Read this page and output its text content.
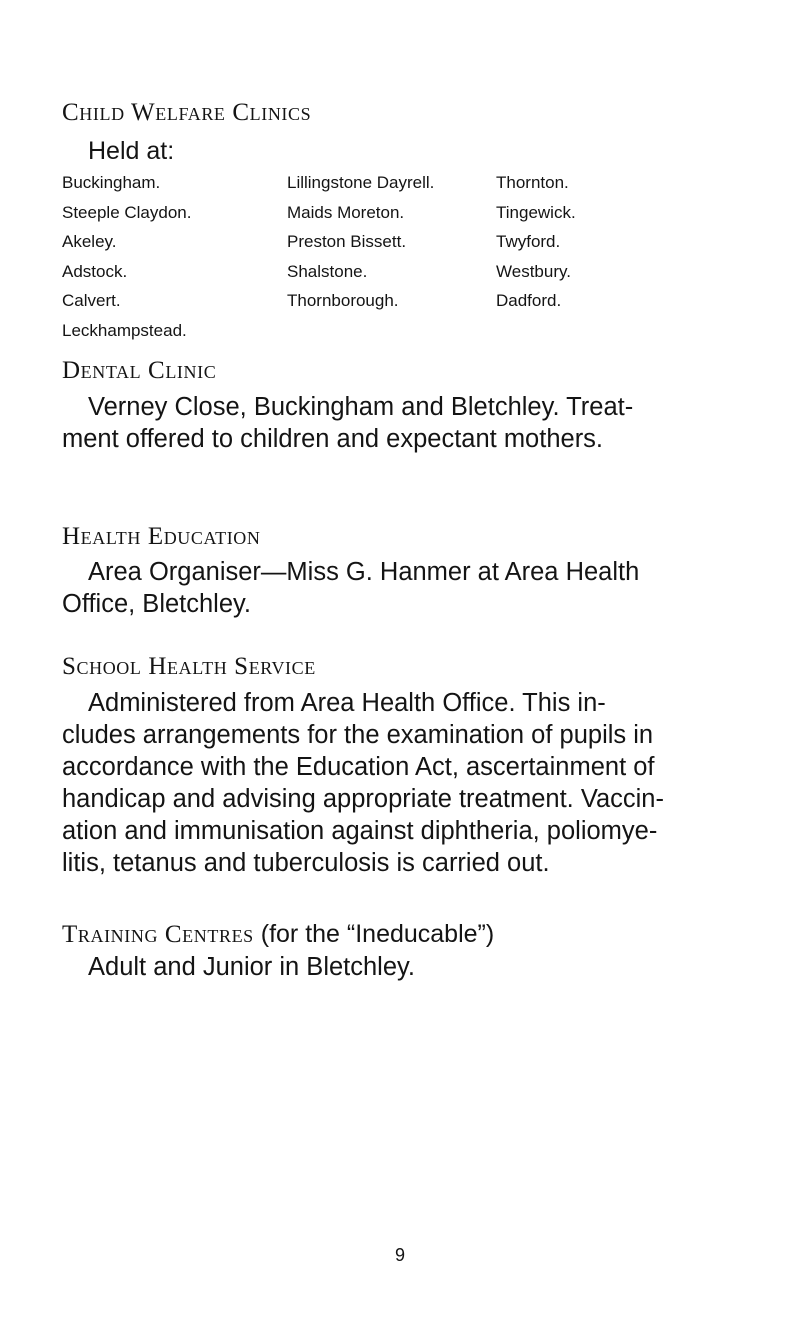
Child Welfare Clinics
Held at:
Buckingham.
Steeple Claydon.
Akeley.
Adstock.
Calvert.
Leckhampstead.
Lillingstone Dayrell.
Maids Moreton.
Preston Bissett.
Shalstone.
Thornborough.
Thornton.
Tingewick.
Twyford.
Westbury.
Dadford.
Dental Clinic
Verney Close, Buckingham and Bletchley. Treat-
ment offered to children and expectant mothers.
Health Education
Area Organiser—Miss G. Hanmer at Area Health
Office, Bletchley.
School Health Service
Administered from Area Health Office. This in-
cludes arrangements for the examination of pupils in
accordance with the Education Act, ascertainment of
handicap and advising appropriate treatment. Vaccin-
ation and immunisation against diphtheria, poliomye-
litis, tetanus and tuberculosis is carried out.
Training Centres (for the “Ineducable”)
Adult and Junior in Bletchley.
9
